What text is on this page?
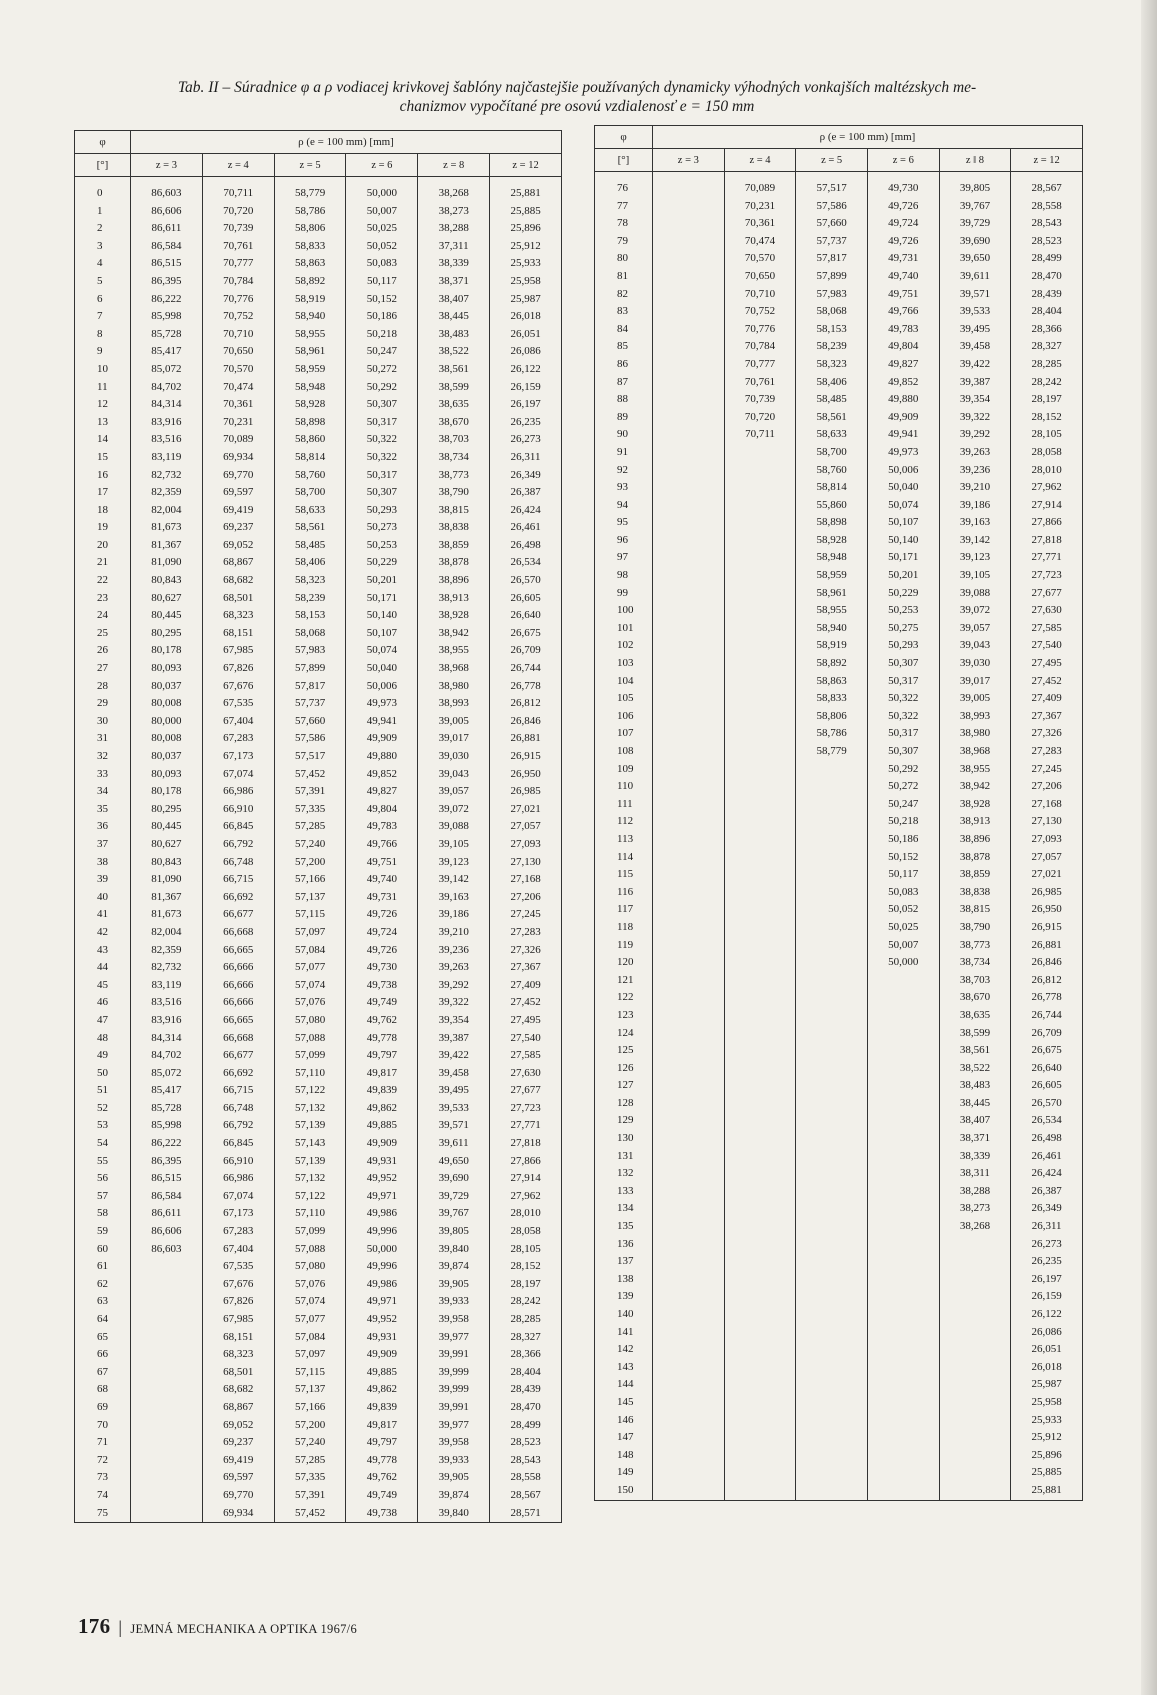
Tab. II – Súradnice φ a ρ vodiacej krivkovej šablóny najčastejšie používaných dynamicky výhodných vonkajších maltézskych me-
chanizmov vypočítané pre osovú vzdialenosť e = 150 mm
φ	ρ (e = 100 mm) [mm]					
[°]	z = 3	z = 4	z = 5	z = 6	z = 8	z = 12
0	86,603	70,711	58,779	50,000	38,268	25,881
1	86,606	70,720	58,786	50,007	38,273	25,885
2	86,611	70,739	58,806	50,025	38,288	25,896
3	86,584	70,761	58,833	50,052	37,311	25,912
4	86,515	70,777	58,863	50,083	38,339	25,933
5	86,395	70,784	58,892	50,117	38,371	25,958
6	86,222	70,776	58,919	50,152	38,407	25,987
7	85,998	70,752	58,940	50,186	38,445	26,018
8	85,728	70,710	58,955	50,218	38,483	26,051
9	85,417	70,650	58,961	50,247	38,522	26,086
10	85,072	70,570	58,959	50,272	38,561	26,122
11	84,702	70,474	58,948	50,292	38,599	26,159
12	84,314	70,361	58,928	50,307	38,635	26,197
13	83,916	70,231	58,898	50,317	38,670	26,235
14	83,516	70,089	58,860	50,322	38,703	26,273
15	83,119	69,934	58,814	50,322	38,734	26,311
16	82,732	69,770	58,760	50,317	38,773	26,349
17	82,359	69,597	58,700	50,307	38,790	26,387
18	82,004	69,419	58,633	50,293	38,815	26,424
19	81,673	69,237	58,561	50,273	38,838	26,461
20	81,367	69,052	58,485	50,253	38,859	26,498
21	81,090	68,867	58,406	50,229	38,878	26,534
22	80,843	68,682	58,323	50,201	38,896	26,570
23	80,627	68,501	58,239	50,171	38,913	26,605
24	80,445	68,323	58,153	50,140	38,928	26,640
25	80,295	68,151	58,068	50,107	38,942	26,675
26	80,178	67,985	57,983	50,074	38,955	26,709
27	80,093	67,826	57,899	50,040	38,968	26,744
28	80,037	67,676	57,817	50,006	38,980	26,778
29	80,008	67,535	57,737	49,973	38,993	26,812
30	80,000	67,404	57,660	49,941	39,005	26,846
31	80,008	67,283	57,586	49,909	39,017	26,881
32	80,037	67,173	57,517	49,880	39,030	26,915
33	80,093	67,074	57,452	49,852	39,043	26,950
34	80,178	66,986	57,391	49,827	39,057	26,985
35	80,295	66,910	57,335	49,804	39,072	27,021
36	80,445	66,845	57,285	49,783	39,088	27,057
37	80,627	66,792	57,240	49,766	39,105	27,093
38	80,843	66,748	57,200	49,751	39,123	27,130
39	81,090	66,715	57,166	49,740	39,142	27,168
40	81,367	66,692	57,137	49,731	39,163	27,206
41	81,673	66,677	57,115	49,726	39,186	27,245
42	82,004	66,668	57,097	49,724	39,210	27,283
43	82,359	66,665	57,084	49,726	39,236	27,326
44	82,732	66,666	57,077	49,730	39,263	27,367
45	83,119	66,666	57,074	49,738	39,292	27,409
46	83,516	66,666	57,076	49,749	39,322	27,452
47	83,916	66,665	57,080	49,762	39,354	27,495
48	84,314	66,668	57,088	49,778	39,387	27,540
49	84,702	66,677	57,099	49,797	39,422	27,585
50	85,072	66,692	57,110	49,817	39,458	27,630
51	85,417	66,715	57,122	49,839	39,495	27,677
52	85,728	66,748	57,132	49,862	39,533	27,723
53	85,998	66,792	57,139	49,885	39,571	27,771
54	86,222	66,845	57,143	49,909	39,611	27,818
55	86,395	66,910	57,139	49,931	49,650	27,866
56	86,515	66,986	57,132	49,952	39,690	27,914
57	86,584	67,074	57,122	49,971	39,729	27,962
58	86,611	67,173	57,110	49,986	39,767	28,010
59	86,606	67,283	57,099	49,996	39,805	28,058
60	86,603	67,404	57,088	50,000	39,840	28,105
61		67,535	57,080	49,996	39,874	28,152
62		67,676	57,076	49,986	39,905	28,197
63		67,826	57,074	49,971	39,933	28,242
64		67,985	57,077	49,952	39,958	28,285
65		68,151	57,084	49,931	39,977	28,327
66		68,323	57,097	49,909	39,991	28,366
67		68,501	57,115	49,885	39,999	28,404
68		68,682	57,137	49,862	39,999	28,439
69		68,867	57,166	49,839	39,991	28,470
70		69,052	57,200	49,817	39,977	28,499
71		69,237	57,240	49,797	39,958	28,523
72		69,419	57,285	49,778	39,933	28,543
73		69,597	57,335	49,762	39,905	28,558
74		69,770	57,391	49,749	39,874	28,567
75		69,934	57,452	49,738	39,840	28,571
φ	ρ (e = 100 mm) [mm]					
[°]	z = 3	z = 4	z = 5	z = 6	z ‖ 8	z = 12
76		70,089	57,517	49,730	39,805	28,567
77		70,231	57,586	49,726	39,767	28,558
78		70,361	57,660	49,724	39,729	28,543
79		70,474	57,737	49,726	39,690	28,523
80		70,570	57,817	49,731	39,650	28,499
81		70,650	57,899	49,740	39,611	28,470
82		70,710	57,983	49,751	39,571	28,439
83		70,752	58,068	49,766	39,533	28,404
84		70,776	58,153	49,783	39,495	28,366
85		70,784	58,239	49,804	39,458	28,327
86		70,777	58,323	49,827	39,422	28,285
87		70,761	58,406	49,852	39,387	28,242
88		70,739	58,485	49,880	39,354	28,197
89		70,720	58,561	49,909	39,322	28,152
90		70,711	58,633	49,941	39,292	28,105
91			58,700	49,973	39,263	28,058
92			58,760	50,006	39,236	28,010
93			58,814	50,040	39,210	27,962
94			55,860	50,074	39,186	27,914
95			58,898	50,107	39,163	27,866
96			58,928	50,140	39,142	27,818
97			58,948	50,171	39,123	27,771
98			58,959	50,201	39,105	27,723
99			58,961	50,229	39,088	27,677
100			58,955	50,253	39,072	27,630
101			58,940	50,275	39,057	27,585
102			58,919	50,293	39,043	27,540
103			58,892	50,307	39,030	27,495
104			58,863	50,317	39,017	27,452
105			58,833	50,322	39,005	27,409
106			58,806	50,322	38,993	27,367
107			58,786	50,317	38,980	27,326
108			58,779	50,307	38,968	27,283
109				50,292	38,955	27,245
110				50,272	38,942	27,206
111				50,247	38,928	27,168
112				50,218	38,913	27,130
113				50,186	38,896	27,093
114				50,152	38,878	27,057
115				50,117	38,859	27,021
116				50,083	38,838	26,985
117				50,052	38,815	26,950
118				50,025	38,790	26,915
119				50,007	38,773	26,881
120				50,000	38,734	26,846
121					38,703	26,812
122					38,670	26,778
123					38,635	26,744
124					38,599	26,709
125					38,561	26,675
126					38,522	26,640
127					38,483	26,605
128					38,445	26,570
129					38,407	26,534
130					38,371	26,498
131					38,339	26,461
132					38,311	26,424
133					38,288	26,387
134					38,273	26,349
135					38,268	26,311
136						26,273
137						26,235
138						26,197
139						26,159
140						26,122
141						26,086
142						26,051
143						26,018
144						25,987
145						25,958
146						25,933
147						25,912
148						25,896
149						25,885
150						25,881
176 | JEMNÁ MECHANIKA A OPTIKA 1967/6
